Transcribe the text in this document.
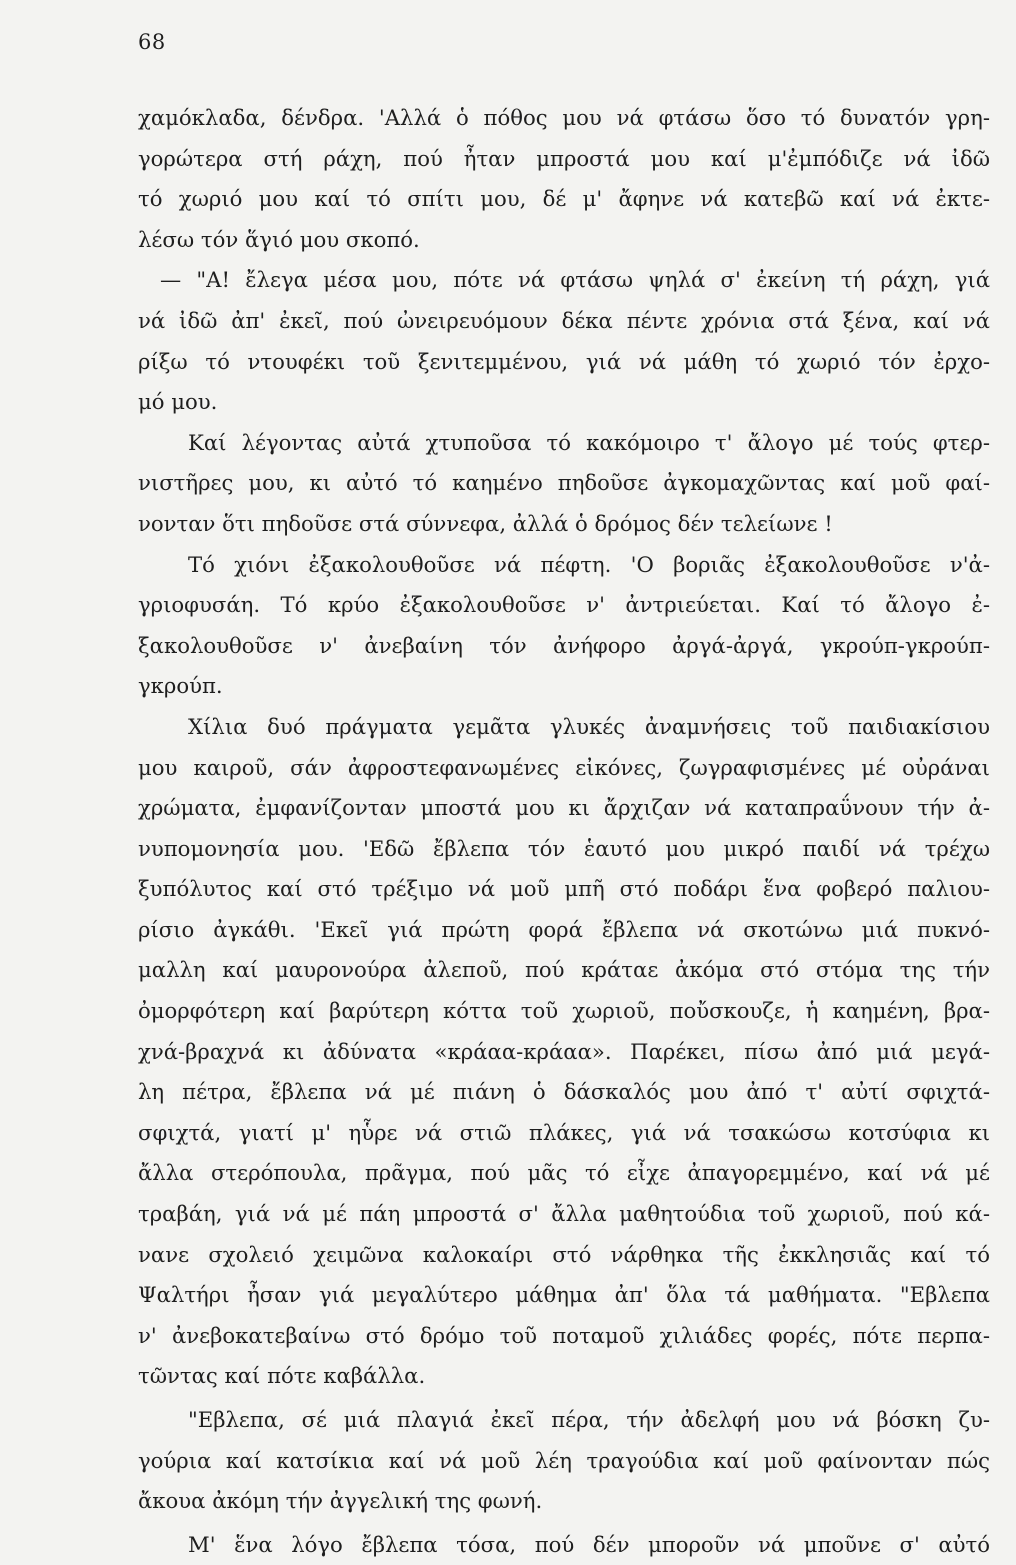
68
χαμόκλαδα, δένδρα. 'Αλλά ὁ πόθος μου νά φτάσω ὅσο τό δυνατόν γρη-
γορώτερα στή ράχη, πού ἦταν μπροστά μου καί μ'ἐμπόδιζε νά ἰδῶ
τό χωριό μου καί τό σπίτι μου, δέ μ' ἄφηνε νά κατεβῶ καί νά ἐκτε-
λέσω τόν ἅγιό μου σκοπό.
— "Α! ἔλεγα μέσα μου, πότε νά φτάσω ψηλά σ' ἐκείνη τή ράχη, γιά
νά ἰδῶ ἀπ' ἐκεῖ, πού ὠνειρευόμουν δέκα πέντε χρόνια στά ξένα, καί νά
ρίξω τό ντουφέκι τοῦ ξενιτεμμένου, γιά νά μάθη τό χωριό τόν ἐρχο-
μό μου.
Καί λέγοντας αὐτά χτυποῦσα τό κακόμοιρο τ' ἄλογο μέ τούς φτερ-
νιστῆρες μου, κι αὐτό τό καημένο πηδοῦσε ἀγκομαχῶντας καί μοῦ φαί-
νονταν ὅτι πηδοῦσε στά σύννεφα, ἀλλά ὁ δρόμος δέν τελείωνε !
Τό χιόνι ἐξακολουθοῦσε νά πέφτη. 'Ο βοριᾶς ἐξακολουθοῦσε ν'ἀ-
γριοφυσάη. Τό κρύο ἐξακολουθοῦσε ν' ἀντριεύεται. Καί τό ἄλογο ἐ-
ξακολουθοῦσε ν' ἀνεβαίνη τόν ἀνήφορο ἀργά-ἀργά, γκρούπ-γκρούπ-
γκρούπ.
Χίλια δυό πράγματα γεμᾶτα γλυκές ἀναμνήσεις τοῦ παιδιακίσιου
μου καιροῦ, σάν ἀφροστεφανωμένες εἰκόνες, ζωγραφισμένες μέ οὐράναι
χρώματα, ἐμφανίζονταν μποστά μου κι ἄρχιζαν νά καταπραΰνουν τήν ἀ-
νυπομονησία μου. 'Εδῶ ἔβλεπα τόν ἑαυτό μου μικρό παιδί νά τρέχω
ξυπόλυτος καί στό τρέξιμο νά μοῦ μπῆ στό ποδάρι ἕνα φοβερό παλιου-
ρίσιο ἀγκάθι. 'Εκεῖ γιά πρώτη φορά ἔβλεπα νά σκοτώνω μιά πυκνό-
μαλλη καί μαυρονούρα ἀλεποῦ, πού κράταε ἀκόμα στό στόμα της τήν
ὀμορφότερη καί βαρύτερη κόττα τοῦ χωριοῦ, ποὔσκουζε, ἡ καημένη, βρα-
χνά-βραχνά κι ἀδύνατα «κράαα-κράαα». Παρέκει, πίσω ἀπό μιά μεγά-
λη πέτρα, ἔβλεπα νά μέ πιάνη ὁ δάσκαλός μου ἀπό τ' αὐτί σφιχτά-
σφιχτά, γιατί μ' ηὗρε νά στιῶ πλάκες, γιά νά τσακώσω κοτσύφια κι
ἄλλα στερόπουλα, πρᾶγμα, πού μᾶς τό εἶχε ἀπαγορεμμένο, καί νά μέ
τραβάη, γιά νά μέ πάη μπροστά σ' ἄλλα μαθητούδια τοῦ χωριοῦ, πού κά-
νανε σχολειό χειμῶνα καλοκαίρι στό νάρθηκα τῆς ἐκκλησιᾶς καί τό
Ψαλτήρι ἦσαν γιά μεγαλύτερο μάθημα ἀπ' ὅλα τά μαθήματα. "Εβλεπα
ν' ἀνεβοκατεβαίνω στό δρόμο τοῦ ποταμοῦ χιλιάδες φορές, πότε περπα-
τῶντας καί πότε καβάλλα.
"Εβλεπα, σέ μιά πλαγιά ἐκεῖ πέρα, τήν ἀδελφή μου νά βόσκη ζυ-
γούρια καί κατσίκια καί νά μοῦ λέη τραγούδια καί μοῦ φαίνονταν πώς
ἄκουα ἀκόμη τήν ἀγγελική της φωνή.
Μ' ἕνα λόγο ἔβλεπα τόσα, πού δέν μποροῦν νά μποῦνε σ' αὐτό
